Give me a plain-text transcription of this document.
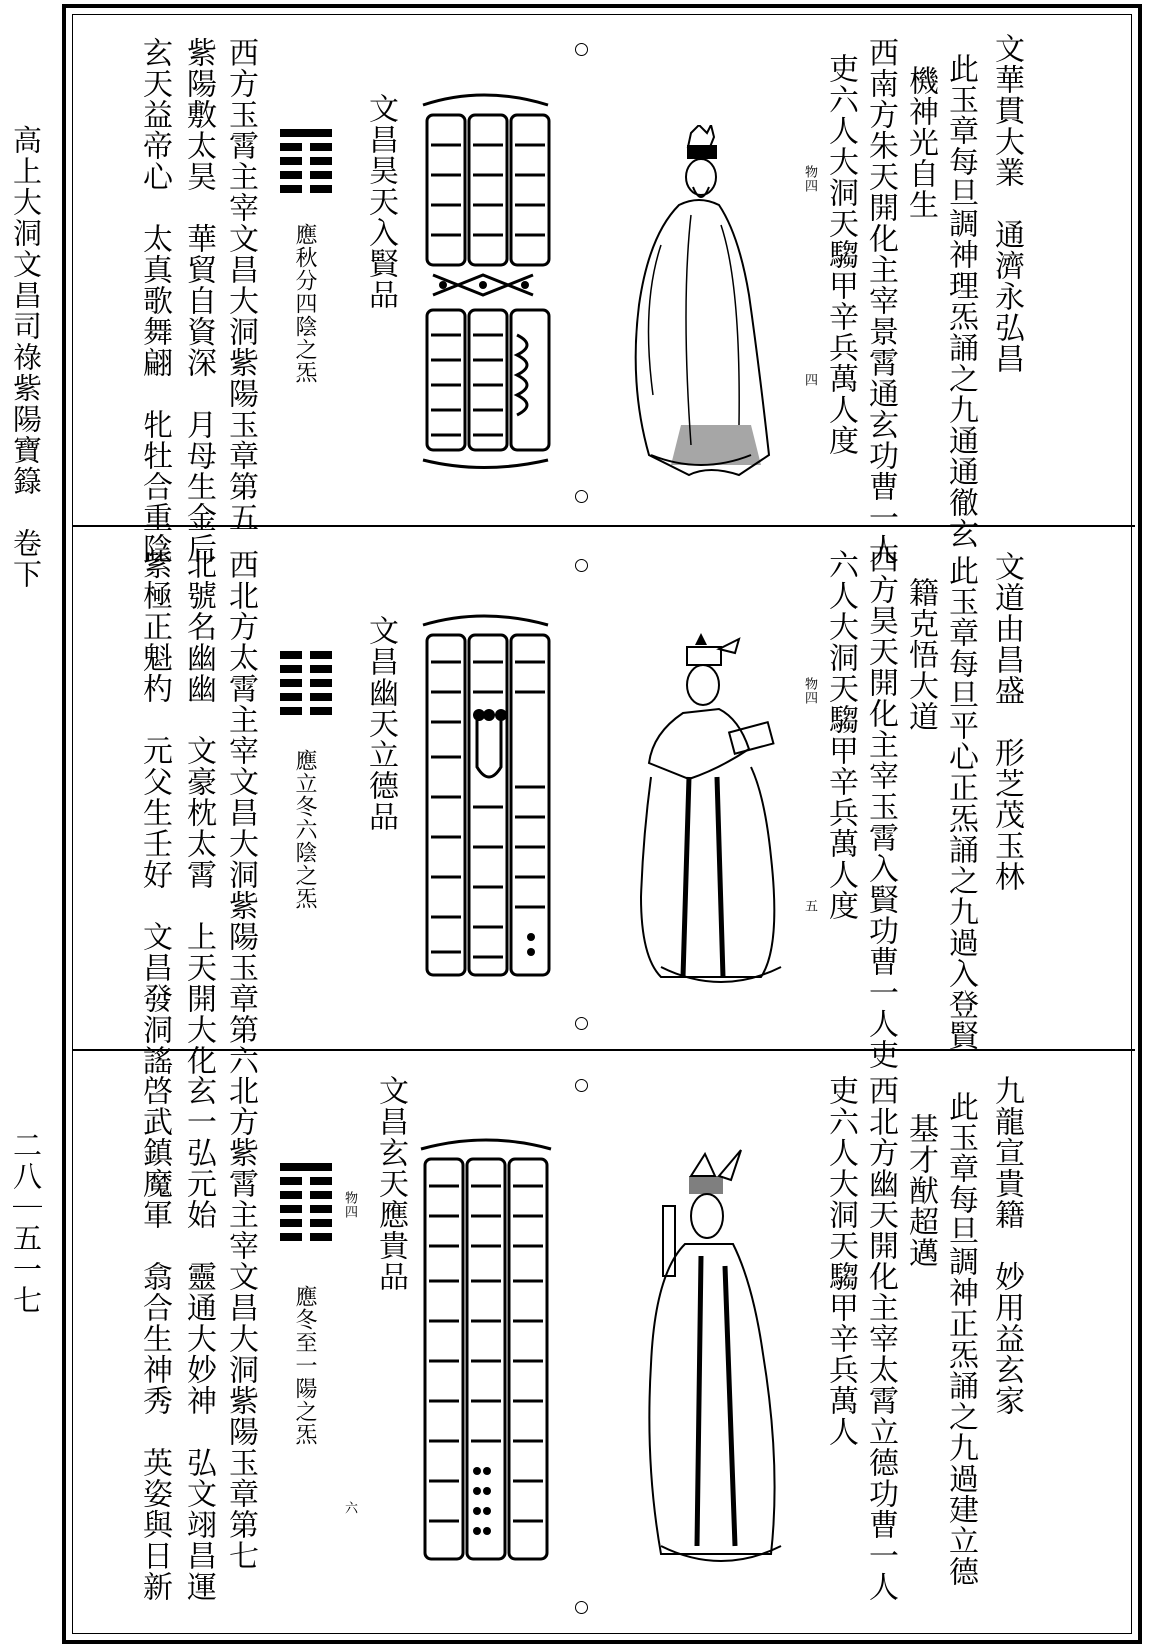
高上大洞文昌司祿紫陽寶籙　卷下
二八｜五一七
文華貫大業　通濟永弘昌
此玉章每旦調神理炁誦之九通通徹玄
機神光自生
西南方朱天開化主宰景霄通玄功曹一人
吏六人大洞天騶甲辛兵萬人度
物四
四
文昌昊天入賢品
應秋分四陰之炁
西方玉霄主宰文昌大洞紫陽玉章第五
紫陽敷太昊　華貿自資深　月母生金后
玄天益帝心　太真歌舞翩　牝牡合重陰
文道由昌盛　形芝茂玉林
此玉章每旦平心正炁誦之九過入登賢
籍克悟大道
西方昊天開化主宰玉霄入賢功曹一人吏
六人大洞天騶甲辛兵萬人度
物四
五
文昌幽天立德品
應立冬六陰之炁
西北方太霄主宰文昌大洞紫陽玉章第六
北號名幽幽　文豪枕太霄　上天開大化
紫極正魁杓　元父生壬好　文昌發洞謠
九龍宣貴籍　妙用益玄家
此玉章每旦調神正炁誦之九過建立德
基才猷超邁
西北方幽天開化主宰太霄立德功曹一人
吏六人大洞天騶甲辛兵萬人
物四
六
文昌玄天應貴品
應冬至一陽之炁
北方紫霄主宰文昌大洞紫陽玉章第七
玄一弘元始　靈通大妙神　弘文翊昌運
啓武鎮魔軍　翕合生神秀　英姿與日新
